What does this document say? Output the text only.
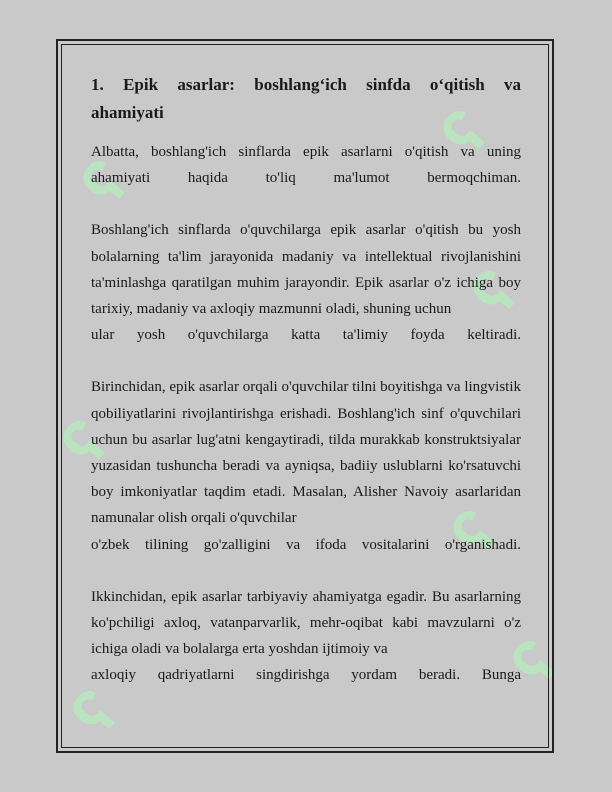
ʕ
ʕ
ʕ
ʕ
ʕ
ʕ
ʕ
1. Epik asarlar: boshlang‘ich sinfda o‘qitish va
ahamiyati

Albatta, boshlang'ich sinflarda epik asarlarni o'qitish va uning
ahamiyati haqida to'liq ma'lumot bermoqchiman.

Boshlang'ich sinflarda o'quvchilarga epik asarlar o'qitish bu yosh bolalarning ta'lim jarayonida madaniy va intellektual rivojlanishini ta'minlashga qaratilgan muhim jarayondir. Epik asarlar o'z ichiga boy tarixiy, madaniy va axloqiy mazmunni oladi, shuning uchun
ular yosh o'quvchilarga katta ta'limiy foyda keltiradi.

Birinchidan, epik asarlar orqali o'quvchilar tilni boyitishga va lingvistik qobiliyatlarini rivojlantirishga erishadi. Boshlang'ich sinf o'quvchilari uchun bu asarlar lug'atni kengaytiradi, tilda murakkab konstruktsiyalar yuzasidan tushuncha beradi va ayniqsa, badiiy uslublarni ko'rsatuvchi boy imkoniyatlar taqdim etadi. Masalan, Alisher Navoiy asarlaridan namunalar olish orqali o'quvchilar
o'zbek tilining go'zalligini va ifoda vositalarini o'rganishadi.

Ikkinchidan, epik asarlar tarbiyaviy ahamiyatga egadir. Bu asarlarning ko'pchiligi axloq, vatanparvarlik, mehr-oqibat kabi mavzularni o'z ichiga oladi va bolalarga erta yoshdan ijtimoiy va
axloqiy qadriyatlarni singdirishga yordam beradi. Bunga
